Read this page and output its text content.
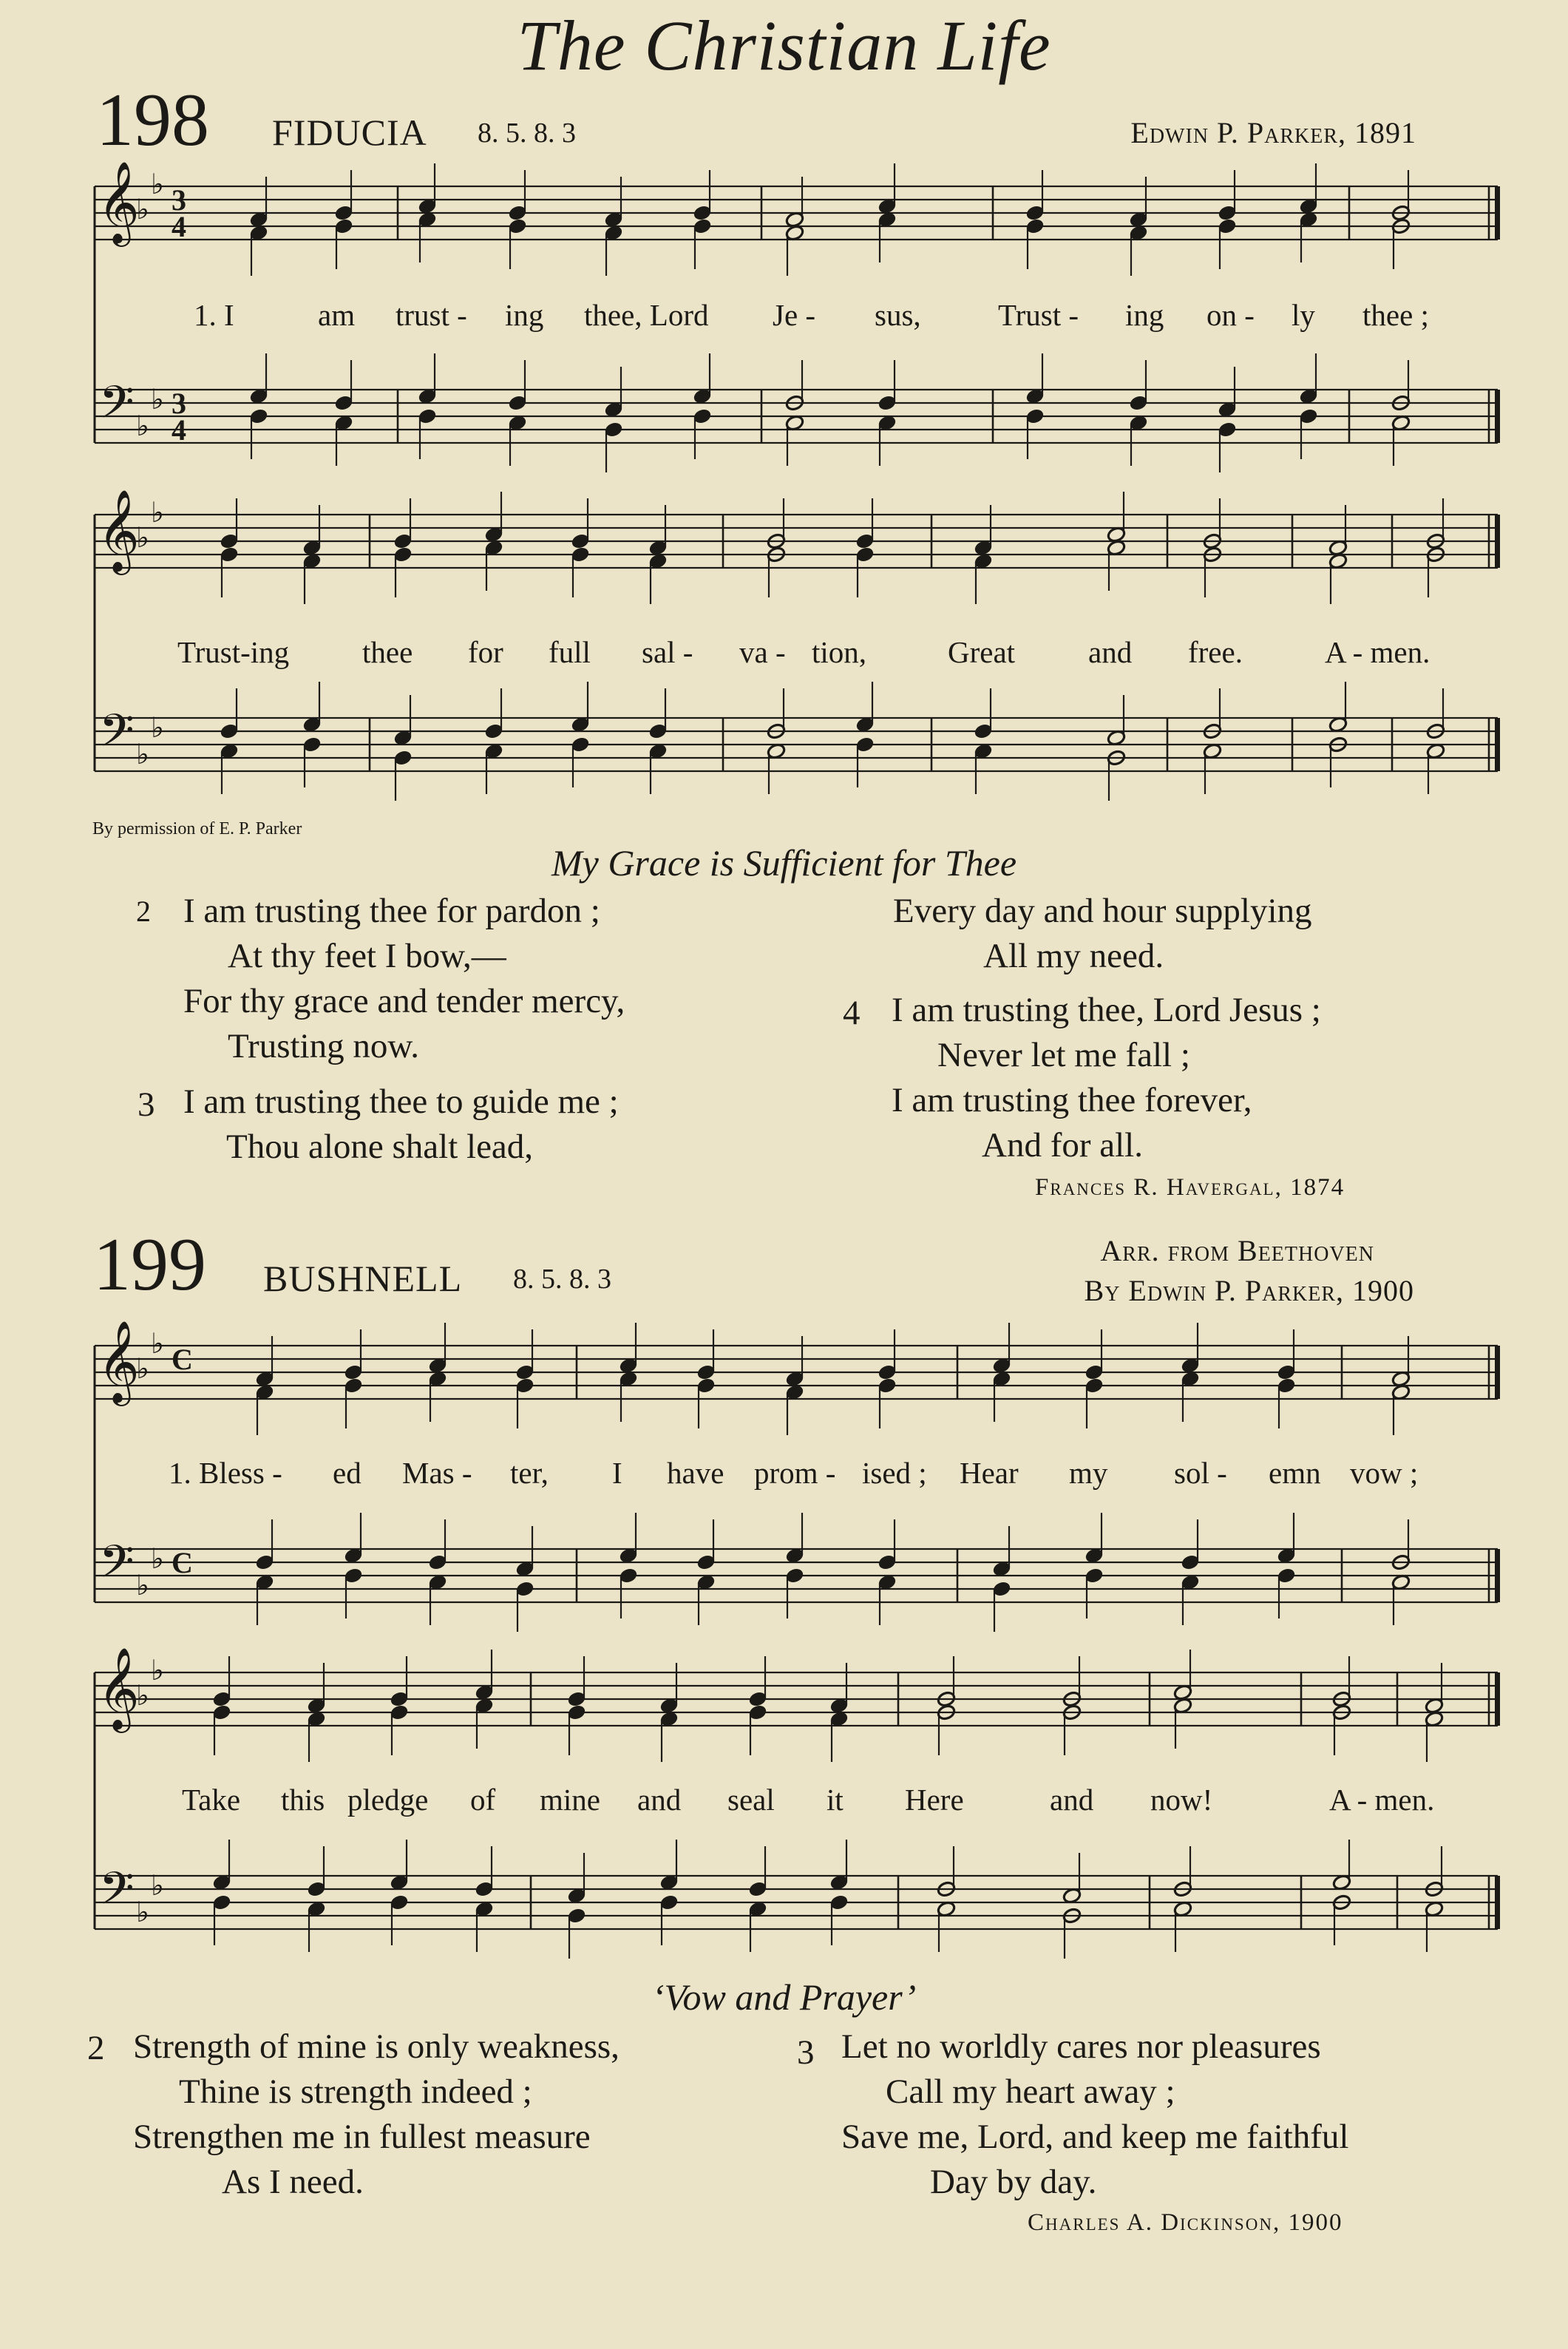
𝄞
𝄢
♭
♭
♭
♭
3
4
3
4
𝄞
𝄢
♭
♭
♭
♭
𝄞
𝄢
♭
♭
♭
♭
C
C
𝄞
𝄢
♭
♭
♭
♭
The Christian Life
198 FIDUCIA 8. 5. 8. 3	Edwin P. Parker, 1891
1. I	am trust - ing thee, Lord Je - sus,	Trust - ing on - ly thee ;
Trust-ing thee for full sal - va - tion,	Great and free.	A - men.
By permission of E. P. Parker
My Grace is Sufficient for Thee
2 I am trusting thee for pardon ;
At thy feet I bow,—
For thy grace and tender mercy,
Trusting now.
3 I am trusting thee to guide me ;
Thou alone shalt lead,
Every day and hour supplying
All my need.
4 I am trusting thee, Lord Jesus ;
Never let me fall ;
I am trusting thee forever,
And for all.
Frances R. Havergal, 1874
199 BUSHNELL 8. 5. 8. 3
Arr. from Beethoven
By Edwin P. Parker, 1900
1. Bless - ed Mas - ter, I have prom - ised ; Hear my sol - emn vow ;
Take this pledge of mine and seal it Here	and now!	A - men.
‘Vow and Prayer’
2 Strength of mine is only weakness,
Thine is strength indeed ;
Strengthen me in fullest measure
As I need.
3 Let no worldly cares nor pleasures
Call my heart away ;
Save me, Lord, and keep me faithful
Day by day.
Charles A. Dickinson, 1900
